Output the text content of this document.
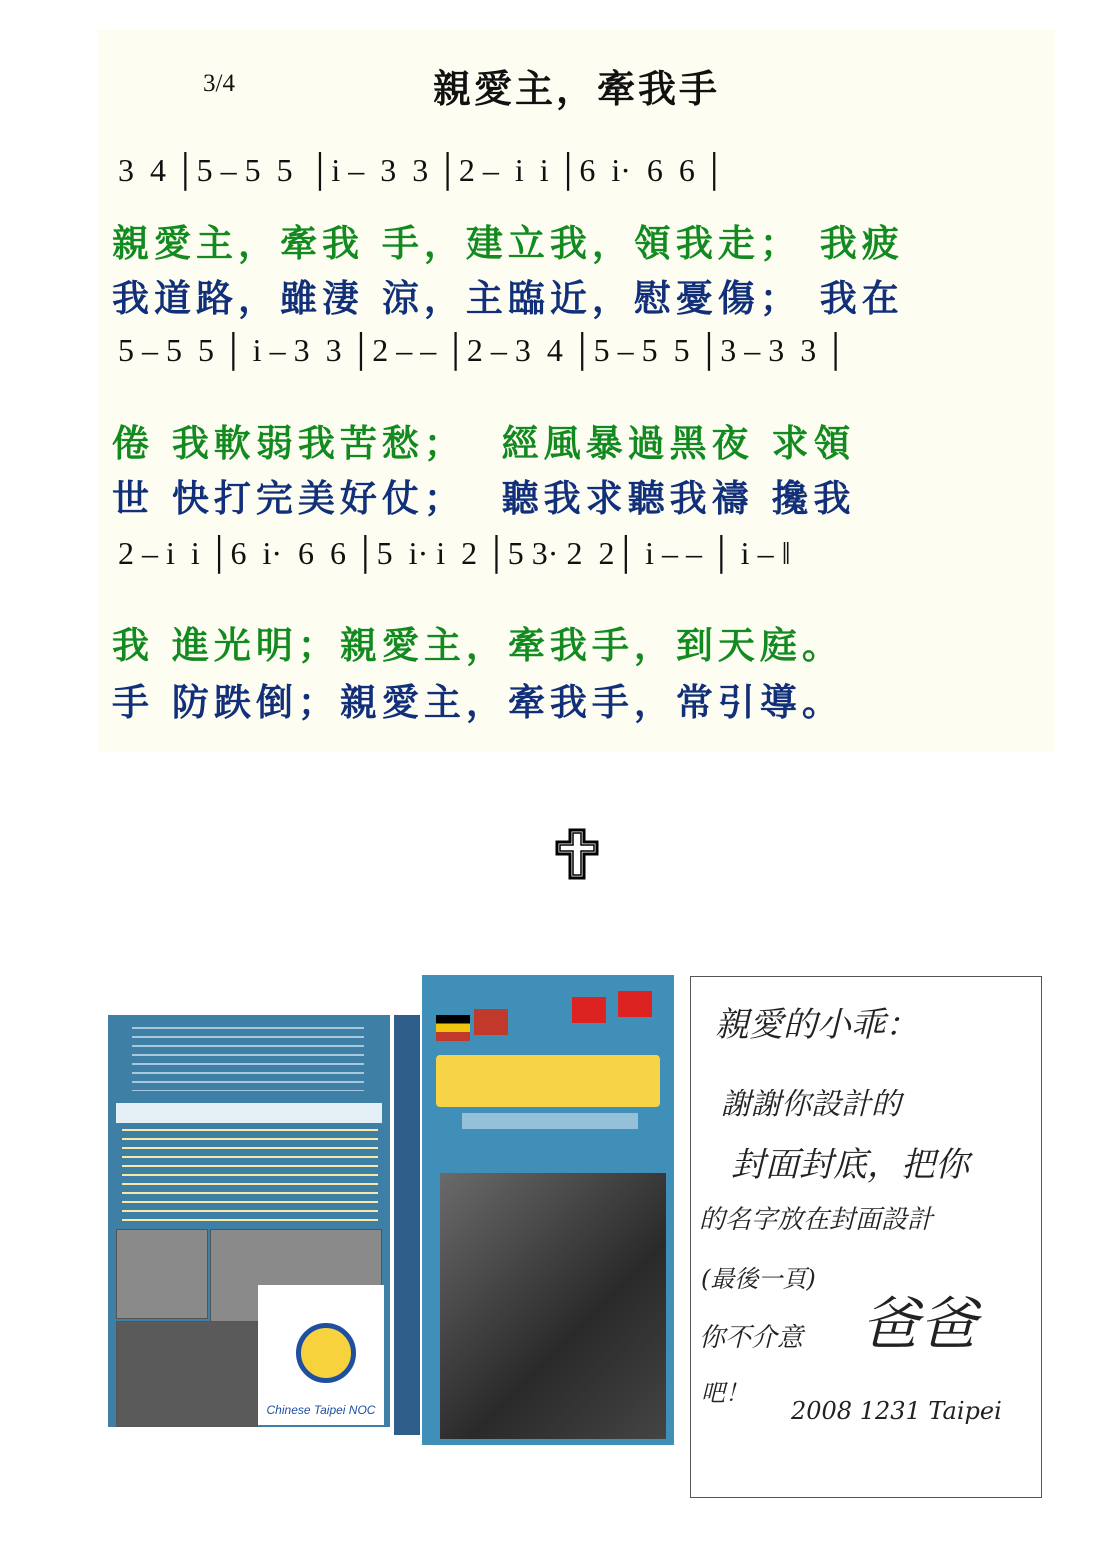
3/4	親愛主，牽我手
3  4 │5 – 5  5  │i –  3  3 │2 –  i  i │6  i·  6  6 │
親愛主，牽我 手，建立我，領我走； 我疲
我道路，雖淒 涼，主臨近，慰憂傷； 我在
5 – 5  5 │ i – 3  3 │2 – – │2 – 3  4 │5 – 5  5 │3 – 3  3 │
倦 我軟弱我苦愁；  經風暴過黑夜 求領
世 快打完美好仗；  聽我求聽我禱 攙我
2 – i  i │6  i·  6  6 │5  i· i  2 │5 3· 2  2│ i – – │ i – ‖
我 進光明；親愛主，牽我手，到天庭。
手 防跌倒；親愛主，牽我手，常引導。
Chinese Taipei NOC
親愛的小乖：
謝謝你設計的
封面封底，把你
的名字放在封面設計
(最後一頁)
你不介意
吧！
爸爸
2008 1231 Taipei
